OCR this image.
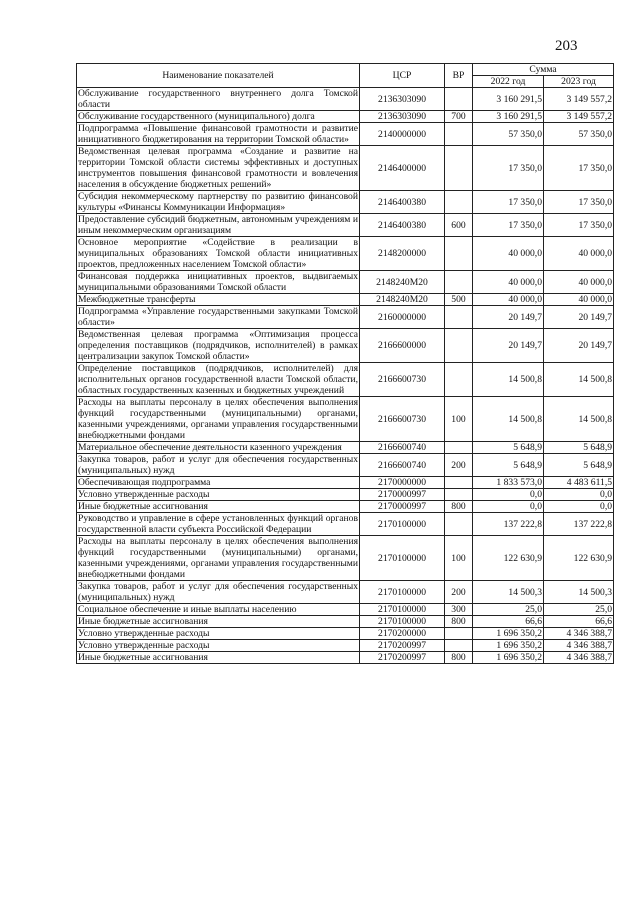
203
Наименование показателей	ЦСР	ВР	Сумма	
			2022 год	2023 год
Обслуживание государственного внутреннего долга Томской области	2136303090		3 160 291,5	3 149 557,2
Обслуживание государственного (муниципального) долга	2136303090	700	3 160 291,5	3 149 557,2
Подпрограмма «Повышение финансовой грамотности и развитие инициативного бюджетирования на территории Томской области»	2140000000		57 350,0	57 350,0
Ведомственная целевая программа «Создание и развитие на территории Томской области системы эффективных и доступных инструментов повышения финансовой грамотности и вовлечения населения в обсуждение бюджетных решений»	2146400000		17 350,0	17 350,0
Субсидия некоммерческому партнерству по развитию финансовой культуры «Финансы Коммуникации Информация»	2146400380		17 350,0	17 350,0
Предоставление субсидий бюджетным, автономным учреждениям и иным некоммерческим организациям	2146400380	600	17 350,0	17 350,0
Основное мероприятие «Содействие в реализации в муниципальных образованиях Томской области инициативных проектов, предложенных населением Томской области»	2148200000		40 000,0	40 000,0
Финансовая поддержка инициативных проектов, выдвигаемых муниципальными образованиями Томской области	2148240M20		40 000,0	40 000,0
Межбюджетные трансферты	2148240M20	500	40 000,0	40 000,0
Подпрограмма «Управление государственными закупками Томской области»	2160000000		20 149,7	20 149,7
Ведомственная целевая программа «Оптимизация процесса определения поставщиков (подрядчиков, исполнителей) в рамках централизации закупок Томской области»	2166600000		20 149,7	20 149,7
Определение поставщиков (подрядчиков, исполнителей) для исполнительных органов государственной власти Томской области, областных государственных казенных и бюджетных учреждений	2166600730		14 500,8	14 500,8
Расходы на выплаты персоналу в целях обеспечения выполнения функций государственными (муниципальными) органами, казенными учреждениями, органами управления государственными внебюджетными фондами	2166600730	100	14 500,8	14 500,8
Материальное обеспечение деятельности казенного учреждения	2166600740		5 648,9	5 648,9
Закупка товаров, работ и услуг для обеспечения государственных (муниципальных) нужд	2166600740	200	5 648,9	5 648,9
Обеспечивающая подпрограмма	2170000000		1 833 573,0	4 483 611,5
Условно утвержденные расходы	2170000997		0,0	0,0
Иные бюджетные ассигнования	2170000997	800	0,0	0,0
Руководство и управление в сфере установленных функций органов государственной власти субъекта Российской Федерации	2170100000		137 222,8	137 222,8
Расходы на выплаты персоналу в целях обеспечения выполнения функций государственными (муниципальными) органами, казенными учреждениями, органами управления государственными внебюджетными фондами	2170100000	100	122 630,9	122 630,9
Закупка товаров, работ и услуг для обеспечения государственных (муниципальных) нужд	2170100000	200	14 500,3	14 500,3
Социальное обеспечение и иные выплаты населению	2170100000	300	25,0	25,0
Иные бюджетные ассигнования	2170100000	800	66,6	66,6
Условно утвержденные расходы	2170200000		1 696 350,2	4 346 388,7
Условно утвержденные расходы	2170200997		1 696 350,2	4 346 388,7
Иные бюджетные ассигнования	2170200997	800	1 696 350,2	4 346 388,7
